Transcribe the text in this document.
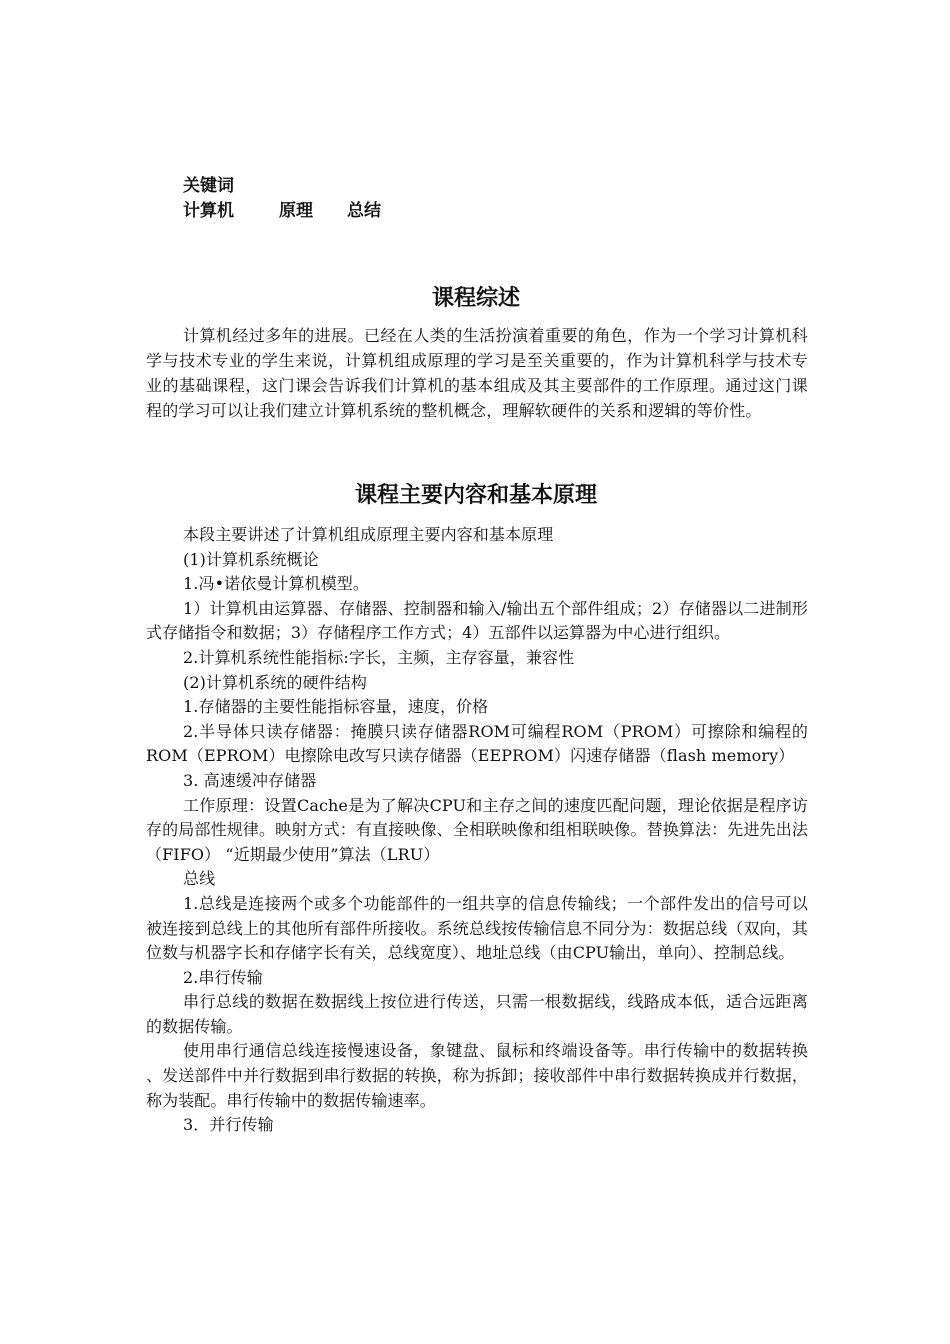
关键词
计算机	原理 总结
课程综述

计算机经过多年的进展。已经在人类的生活扮演着重要的角色，作为一个学习计算机科学与技术专业的学生来说，计算机组成原理的学习是至关重要的，作为计算机科学与技术专业的基础课程，这门课会告诉我们计算机的基本组成及其主要部件的工作原理。通过这门课程的学习可以让我们建立计算机系统的整机概念，理解软硬件的关系和逻辑的等价性。

课程主要内容和基本原理

本段主要讲述了计算机组成原理主要内容和基本原理

(1)计算机系统概论

1.冯•诺依曼计算机模型。

1）计算机由运算器、存储器、控制器和输入/输出五个部件组成；2）存储器以二进制形式存储指令和数据；3）存储程序工作方式；4）五部件以运算器为中心进行组织。

2.计算机系统性能指标:字长，主频，主存容量，兼容性

(2)计算机系统的硬件结构

1.存储器的主要性能指标容量，速度，价格

2.半导体只读存储器：掩膜只读存储器ROM可编程ROM（PROM）可擦除和编程的ROM（EPROM）电擦除电改写只读存储器（EEPROM）闪速存储器（flash memory）

3. 高速缓冲存储器

工作原理：设置Cache是为了解决CPU和主存之间的速度匹配问题，理论依据是程序访存的局部性规律。映射方式：有直接映像、全相联映像和组相联映像。替换算法：先进先出法（FIFO） “近期最少使用”算法（LRU）

总线

1.总线是连接两个或多个功能部件的一组共享的信息传输线；一个部件发出的信号可以被连接到总线上的其他所有部件所接收。系统总线按传输信息不同分为：数据总线（双向，其位数与机器字长和存储字长有关，总线宽度）、地址总线（由CPU输出，单向）、控制总线。

2.串行传输

串行总线的数据在数据线上按位进行传送，只需一根数据线，线路成本低，适合远距离的数据传输。

使用串行通信总线连接慢速设备，象键盘、鼠标和终端设备等。串行传输中的数据转换 、发送部件中并行数据到串行数据的转换，称为拆卸；接收部件中串行数据转换成并行数据，称为装配。串行传输中的数据传输速率。

3．并行传输
